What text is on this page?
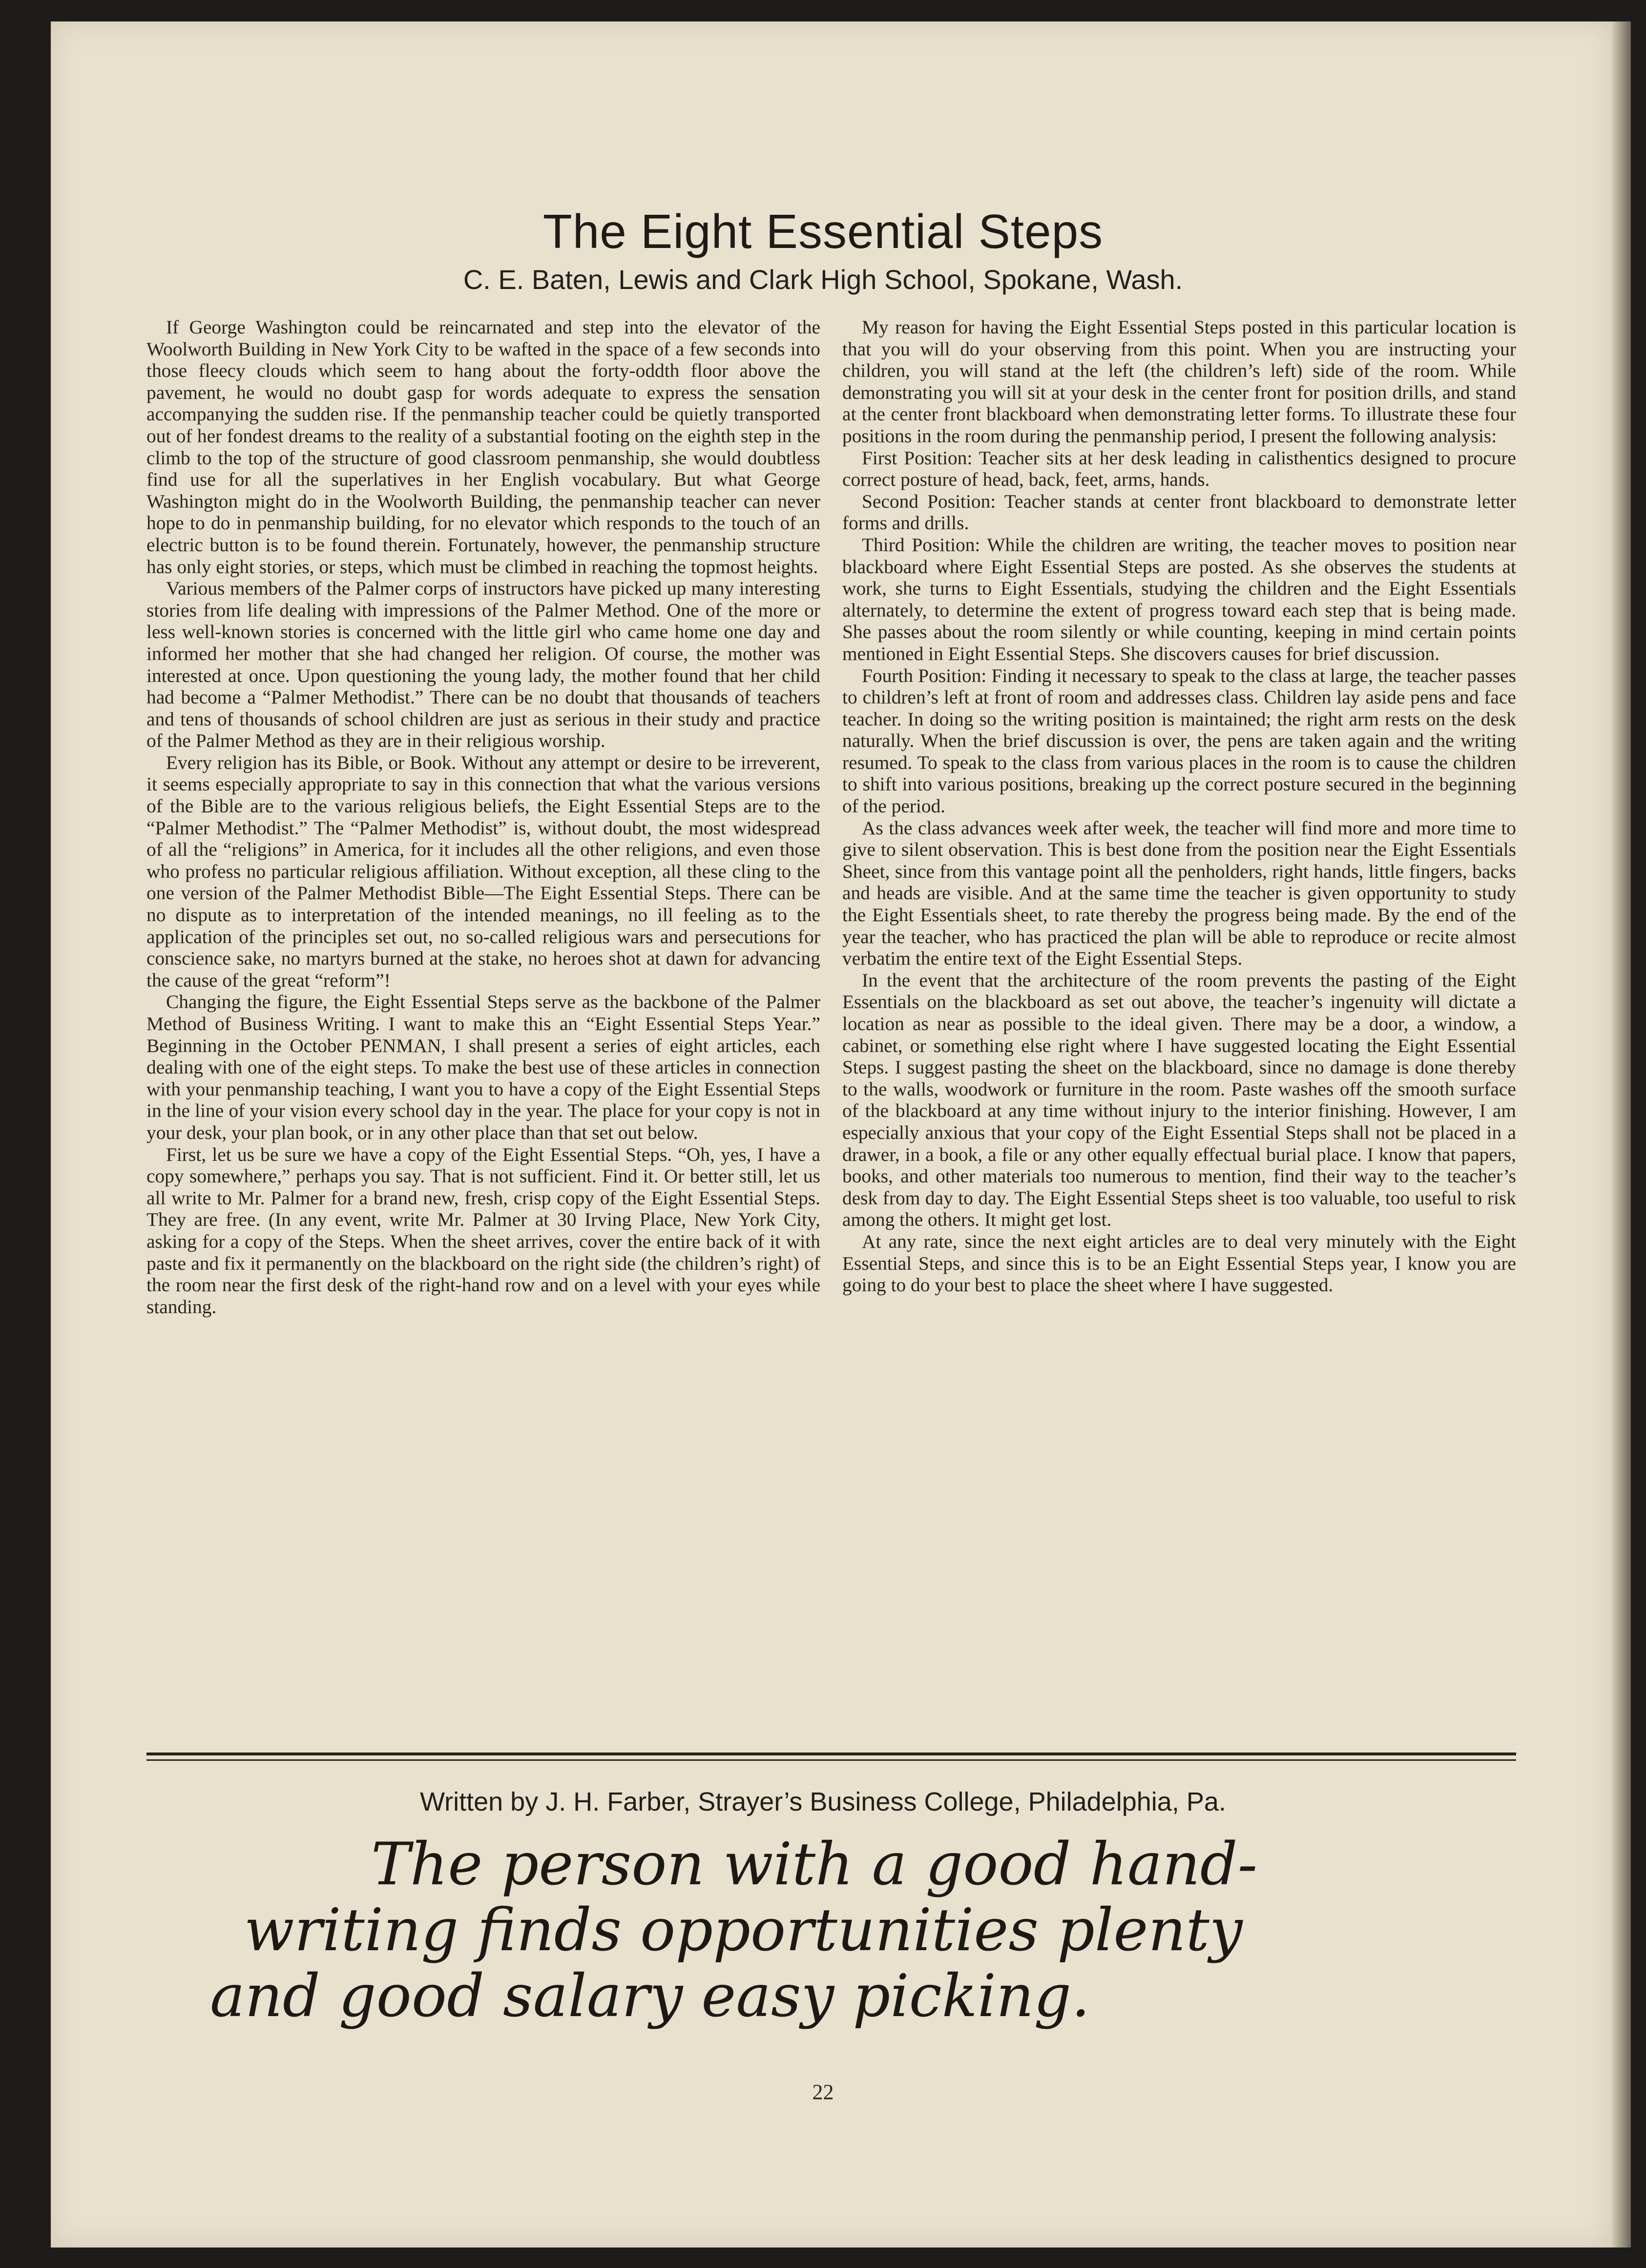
The Eight Essential Steps
C. E. Baten, Lewis and Clark High School, Spokane, Wash.

If George Washington could be reincarnated and step into the elevator of the Woolworth Building in New York City to be wafted in the space of a few seconds into those fleecy clouds which seem to hang about the forty-oddth floor above the pavement, he would no doubt gasp for words adequate to express the sensation accompanying the sudden rise. If the penmanship teacher could be quietly transported out of her fondest dreams to the reality of a substantial footing on the eighth step in the climb to the top of the structure of good classroom penmanship, she would doubtless find use for all the superlatives in her English vocabulary. But what George Washington might do in the Woolworth Building, the penmanship teacher can never hope to do in penmanship building, for no elevator which responds to the touch of an electric button is to be found therein. Fortunately, however, the penmanship structure has only eight stories, or steps, which must be climbed in reaching the topmost heights.

Various members of the Palmer corps of instructors have picked up many interesting stories from life dealing with impressions of the Palmer Method. One of the more or less well-known stories is concerned with the little girl who came home one day and informed her mother that she had changed her religion. Of course, the mother was interested at once. Upon questioning the young lady, the mother found that her child had become a “Palmer Methodist.” There can be no doubt that thousands of teachers and tens of thousands of school children are just as serious in their study and practice of the Palmer Method as they are in their religious worship.

Every religion has its Bible, or Book. Without any attempt or desire to be irreverent, it seems especially appropriate to say in this connection that what the various versions of the Bible are to the various religious beliefs, the Eight Essential Steps are to the “Palmer Methodist.” The “Palmer Methodist” is, without doubt, the most widespread of all the “religions” in America, for it includes all the other religions, and even those who profess no particular religious affiliation. Without exception, all these cling to the one version of the Palmer Methodist Bible—The Eight Essential Steps. There can be no dispute as to interpretation of the intended meanings, no ill feeling as to the application of the principles set out, no so-called religious wars and persecutions for conscience sake, no martyrs burned at the stake, no heroes shot at dawn for advancing the cause of the great “reform”!

Changing the figure, the Eight Essential Steps serve as the backbone of the Palmer Method of Business Writing. I want to make this an “Eight Essential Steps Year.” Beginning in the October PENMAN, I shall present a series of eight articles, each dealing with one of the eight steps. To make the best use of these articles in connection with your penmanship teaching, I want you to have a copy of the Eight Essential Steps in the line of your vision every school day in the year. The place for your copy is not in your desk, your plan book, or in any other place than that set out below.

First, let us be sure we have a copy of the Eight Essential Steps. “Oh, yes, I have a copy somewhere,” perhaps you say. That is not sufficient. Find it. Or better still, let us all write to Mr. Palmer for a brand new, fresh, crisp copy of the Eight Essential Steps. They are free. (In any event, write Mr. Palmer at 30 Irving Place, New York City, asking for a copy of the Steps. When the sheet arrives, cover the entire back of it with paste and fix it permanently on the blackboard on the right side (the children’s right) of the room near the first desk of the right-hand row and on a level with your eyes while standing.

My reason for having the Eight Essential Steps posted in this particular location is that you will do your observing from this point. When you are instructing your children, you will stand at the left (the children’s left) side of the room. While demonstrating you will sit at your desk in the center front for position drills, and stand at the center front blackboard when demonstrating letter forms. To illustrate these four positions in the room during the penmanship period, I present the following analysis:

First Position: Teacher sits at her desk leading in calisthentics designed to procure correct posture of head, back, feet, arms, hands.

Second Position: Teacher stands at center front blackboard to demonstrate letter forms and drills.

Third Position: While the children are writing, the teacher moves to position near blackboard where Eight Essential Steps are posted. As she observes the students at work, she turns to Eight Essentials, studying the children and the Eight Essentials alternately, to determine the extent of progress toward each step that is being made. She passes about the room silently or while counting, keeping in mind certain points mentioned in Eight Essential Steps. She discovers causes for brief discussion.

Fourth Position: Finding it necessary to speak to the class at large, the teacher passes to children’s left at front of room and addresses class. Children lay aside pens and face teacher. In doing so the writing position is maintained; the right arm rests on the desk naturally. When the brief discussion is over, the pens are taken again and the writing resumed. To speak to the class from various places in the room is to cause the children to shift into various positions, breaking up the correct posture secured in the beginning of the period.

As the class advances week after week, the teacher will find more and more time to give to silent observation. This is best done from the position near the Eight Essentials Sheet, since from this vantage point all the penholders, right hands, little fingers, backs and heads are visible. And at the same time the teacher is given opportunity to study the Eight Essentials sheet, to rate thereby the progress being made. By the end of the year the teacher, who has practiced the plan will be able to reproduce or recite almost verbatim the entire text of the Eight Essential Steps.

In the event that the architecture of the room prevents the pasting of the Eight Essentials on the blackboard as set out above, the teacher’s ingenuity will dictate a location as near as possible to the ideal given. There may be a door, a window, a cabinet, or something else right where I have suggested locating the Eight Essential Steps. I suggest pasting the sheet on the blackboard, since no damage is done thereby to the walls, woodwork or furniture in the room. Paste washes off the smooth surface of the blackboard at any time without injury to the interior finishing. However, I am especially anxious that your copy of the Eight Essential Steps shall not be placed in a drawer, in a book, a file or any other equally effectual burial place. I know that papers, books, and other materials too numerous to mention, find their way to the teacher’s desk from day to day. The Eight Essential Steps sheet is too valuable, too useful to risk among the others. It might get lost.

At any rate, since the next eight articles are to deal very minutely with the Eight Essential Steps, and since this is to be an Eight Essential Steps year, I know you are going to do your best to place the sheet where I have suggested.

Written by J. H. Farber, Strayer’s Business College, Philadelphia, Pa.
The person with a good hand-
writing finds opportunities plenty
and good salary easy picking.
22
